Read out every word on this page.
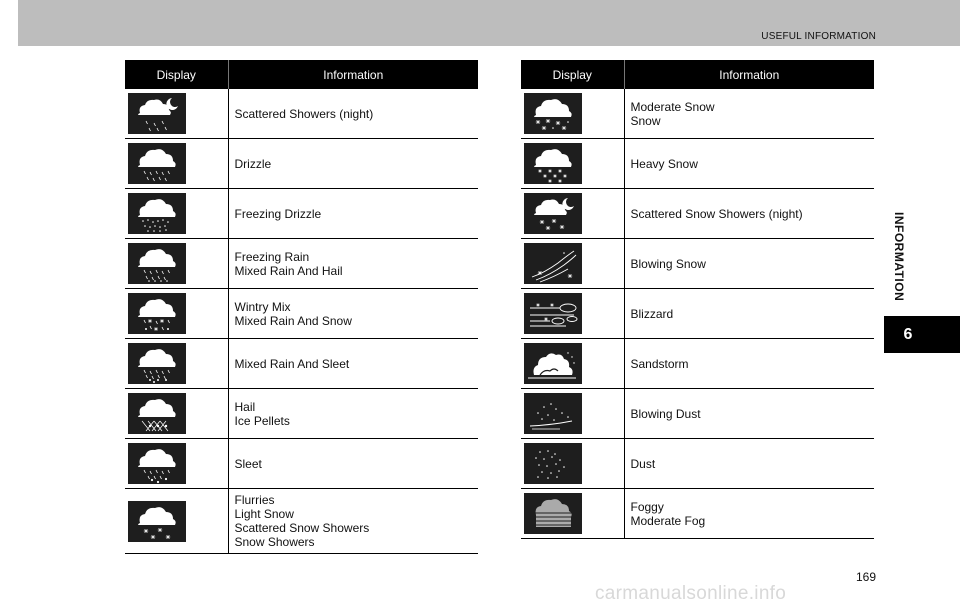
USEFUL INFORMATION
INFORMATION
6
Display	Information

Scattered Showers (night)

Drizzle

Freezing Drizzle

Freezing Rain
Mixed Rain And Hail

Wintry Mix
Mixed Rain And Snow

Mixed Rain And Sleet

Hail
Ice Pellets

Sleet

Flurries
Light Snow
Scattered Snow Showers
Snow Showers
Display	Information

Moderate Snow
Snow

Heavy Snow

Scattered Snow Showers (night)

Blowing Snow

Blizzard

Sandstorm

Blowing Dust

Dust

Foggy
Moderate Fog
169
carmanualsonline.info
